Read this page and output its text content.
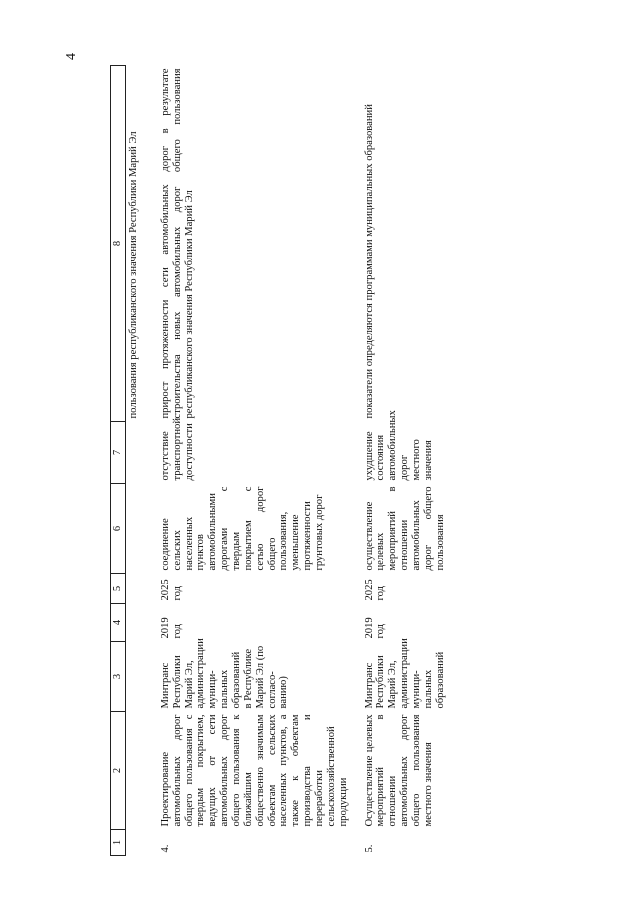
4
1	2	3	4	5	6	7	8
							пользования республиканского значения Республики Марий Эл
4.	Проектирование автомобильных дорог общего пользования с твердым покрытием, ведущих от сети автомобильных дорог общего пользования к ближайшим общественно значимым объектам сельских населенных пунктов, а также к объектам производства и переработки сельскохозяйственной продукции	Минтранс Республики Марий Эл, администрации муници-пальных образований в Республике Марий Эл (по согласо-ванию)	2019 год	2025 год	соединение сельских населенных пунктов автомобильными дорогами с твердым покрытием с сетью дорог общего пользования, уменьшение протяженности грунтовых дорог	отсутствие транспортной доступности	прирост протяженности сети автомобильных дорог в результате строительства новых автомобильных дорог общего пользования республиканского значения Республики Марий Эл
5.	Осуществление целевых мероприятий в отношении автомобильных дорог общего пользования местного значения	Минтранс Республики Марий Эл, администрации муници-пальных образований	2019 год	2025 год	осуществление целевых мероприятий в отношении автомобильных дорог общего пользования	ухудшение состояния автомобильных дорог местного значения	показатели определяются программами муниципальных образований
